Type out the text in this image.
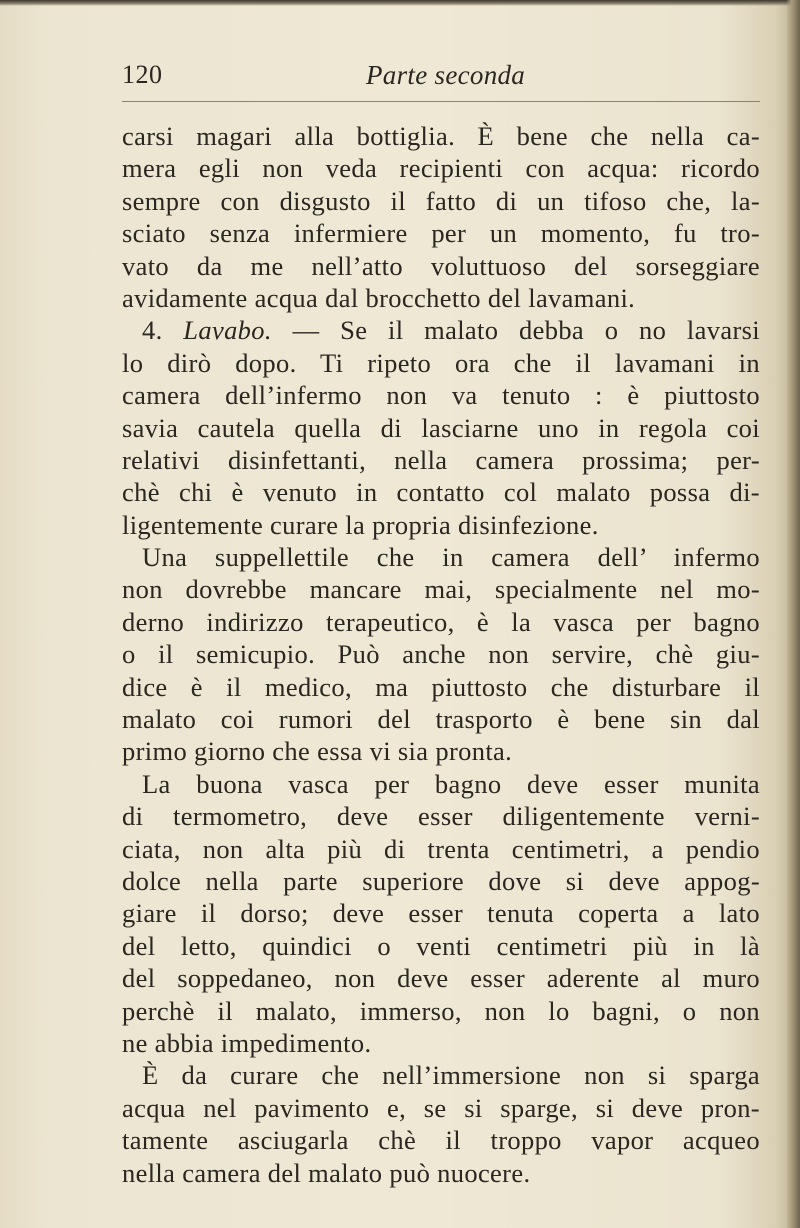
120	Parte seconda
carsi magari alla bottiglia. È bene che nella ca-
mera egli non veda recipienti con acqua: ricordo
sempre con disgusto il fatto di un tifoso che, la-
sciato senza infermiere per un momento, fu tro-
vato da me nell’atto voluttuoso del sorseggiare
avidamente acqua dal brocchetto del lavamani.
4. Lavabo. — Se il malato debba o no lavarsi
lo dirò dopo. Ti ripeto ora che il lavamani in
camera dell’infermo non va tenuto : è piuttosto
savia cautela quella di lasciarne uno in regola coi
relativi disinfettanti, nella camera prossima; per-
chè chi è venuto in contatto col malato possa di-
ligentemente curare la propria disinfezione.
Una suppellettile che in camera dell’ infermo
non dovrebbe mancare mai, specialmente nel mo-
derno indirizzo terapeutico, è la vasca per bagno
o il semicupio. Può anche non servire, chè giu-
dice è il medico, ma piuttosto che disturbare il
malato coi rumori del trasporto è bene sin dal
primo giorno che essa vi sia pronta.
La buona vasca per bagno deve esser munita
di termometro, deve esser diligentemente verni-
ciata, non alta più di trenta centimetri, a pendio
dolce nella parte superiore dove si deve appog-
giare il dorso; deve esser tenuta coperta a lato
del letto, quindici o venti centimetri più in là
del soppedaneo, non deve esser aderente al muro
perchè il malato, immerso, non lo bagni, o non
ne abbia impedimento.
È da curare che nell’immersione non si sparga
acqua nel pavimento e, se si sparge, si deve pron-
tamente asciugarla chè il troppo vapor acqueo
nella camera del malato può nuocere.
